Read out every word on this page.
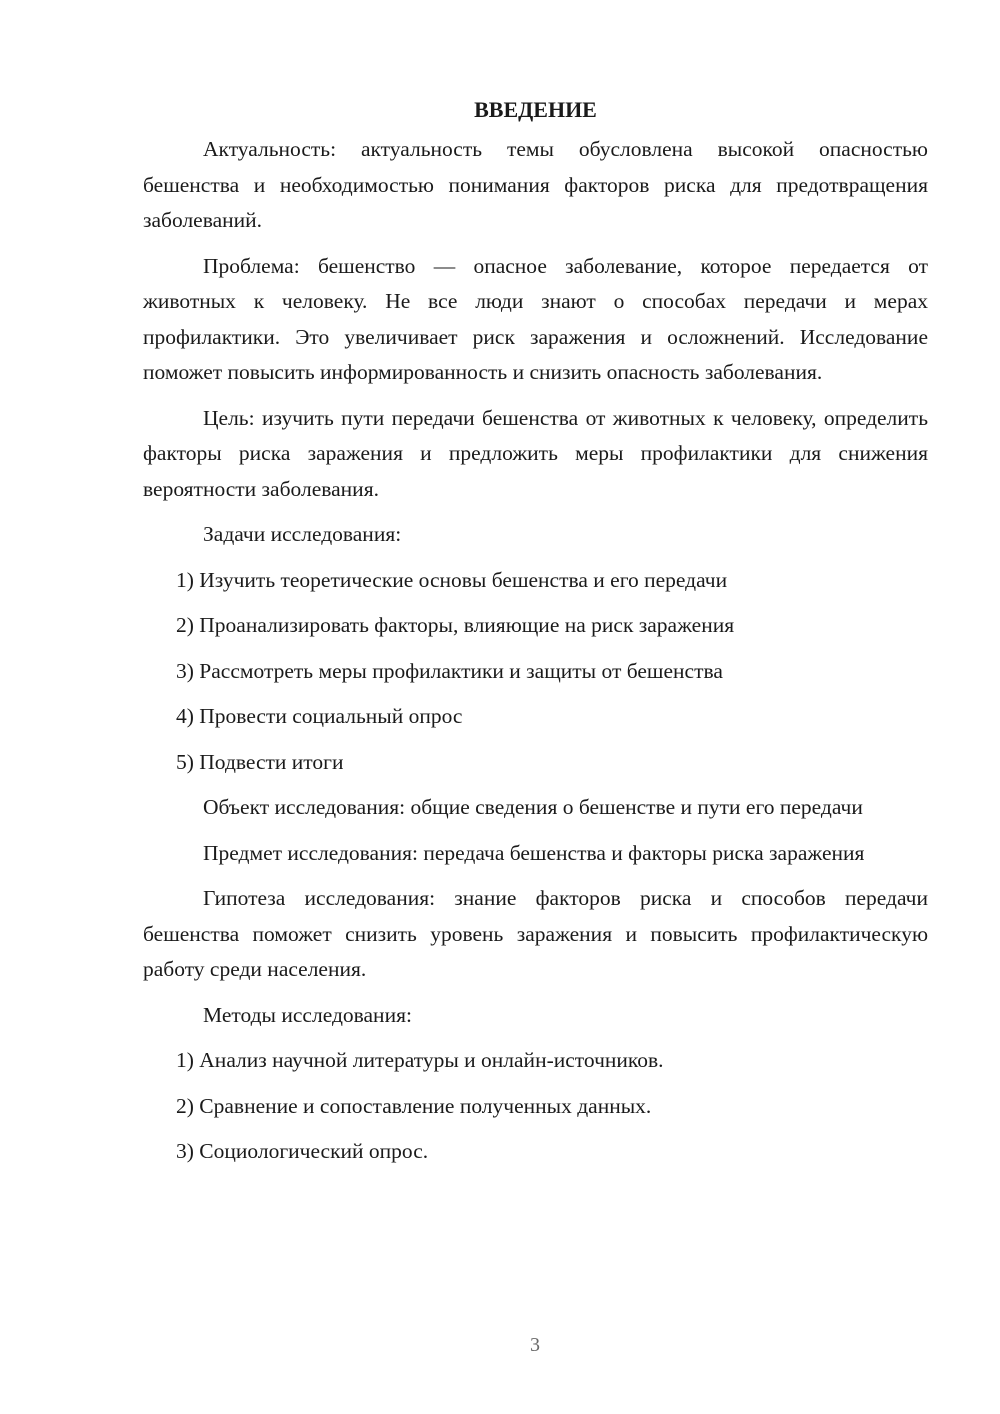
ВВЕДЕНИЕ

Актуальность: актуальность темы обусловлена высокой опасностью бешенства и необходимостью понимания факторов риска для предотвращения заболеваний.

Проблема: бешенство — опасное заболевание, которое передается от животных к человеку. Не все люди знают о способах передачи и мерах профилактики. Это увеличивает риск заражения и осложнений. Исследование поможет повысить информированность и снизить опасность заболевания.

Цель: изучить пути передачи бешенства от животных к человеку, определить факторы риска заражения и предложить меры профилактики для снижения вероятности заболевания.

Задачи исследования:
1) Изучить теоретические основы бешенства и его передачи
2) Проанализировать факторы, влияющие на риск заражения
3) Рассмотреть меры профилактики и защиты от бешенства
4) Провести социальный опрос
5) Подвести итоги

Объект исследования: общие сведения о бешенстве и пути его передачи

Предмет исследования: передача бешенства и факторы риска заражения

Гипотеза исследования: знание факторов риска и способов передачи бешенства поможет снизить уровень заражения и повысить профилактическую работу среди населения.

Методы исследования:
1) Анализ научной литературы и онлайн-источников.
2) Сравнение и сопоставление полученных данных.
3) Социологический опрос.
3
